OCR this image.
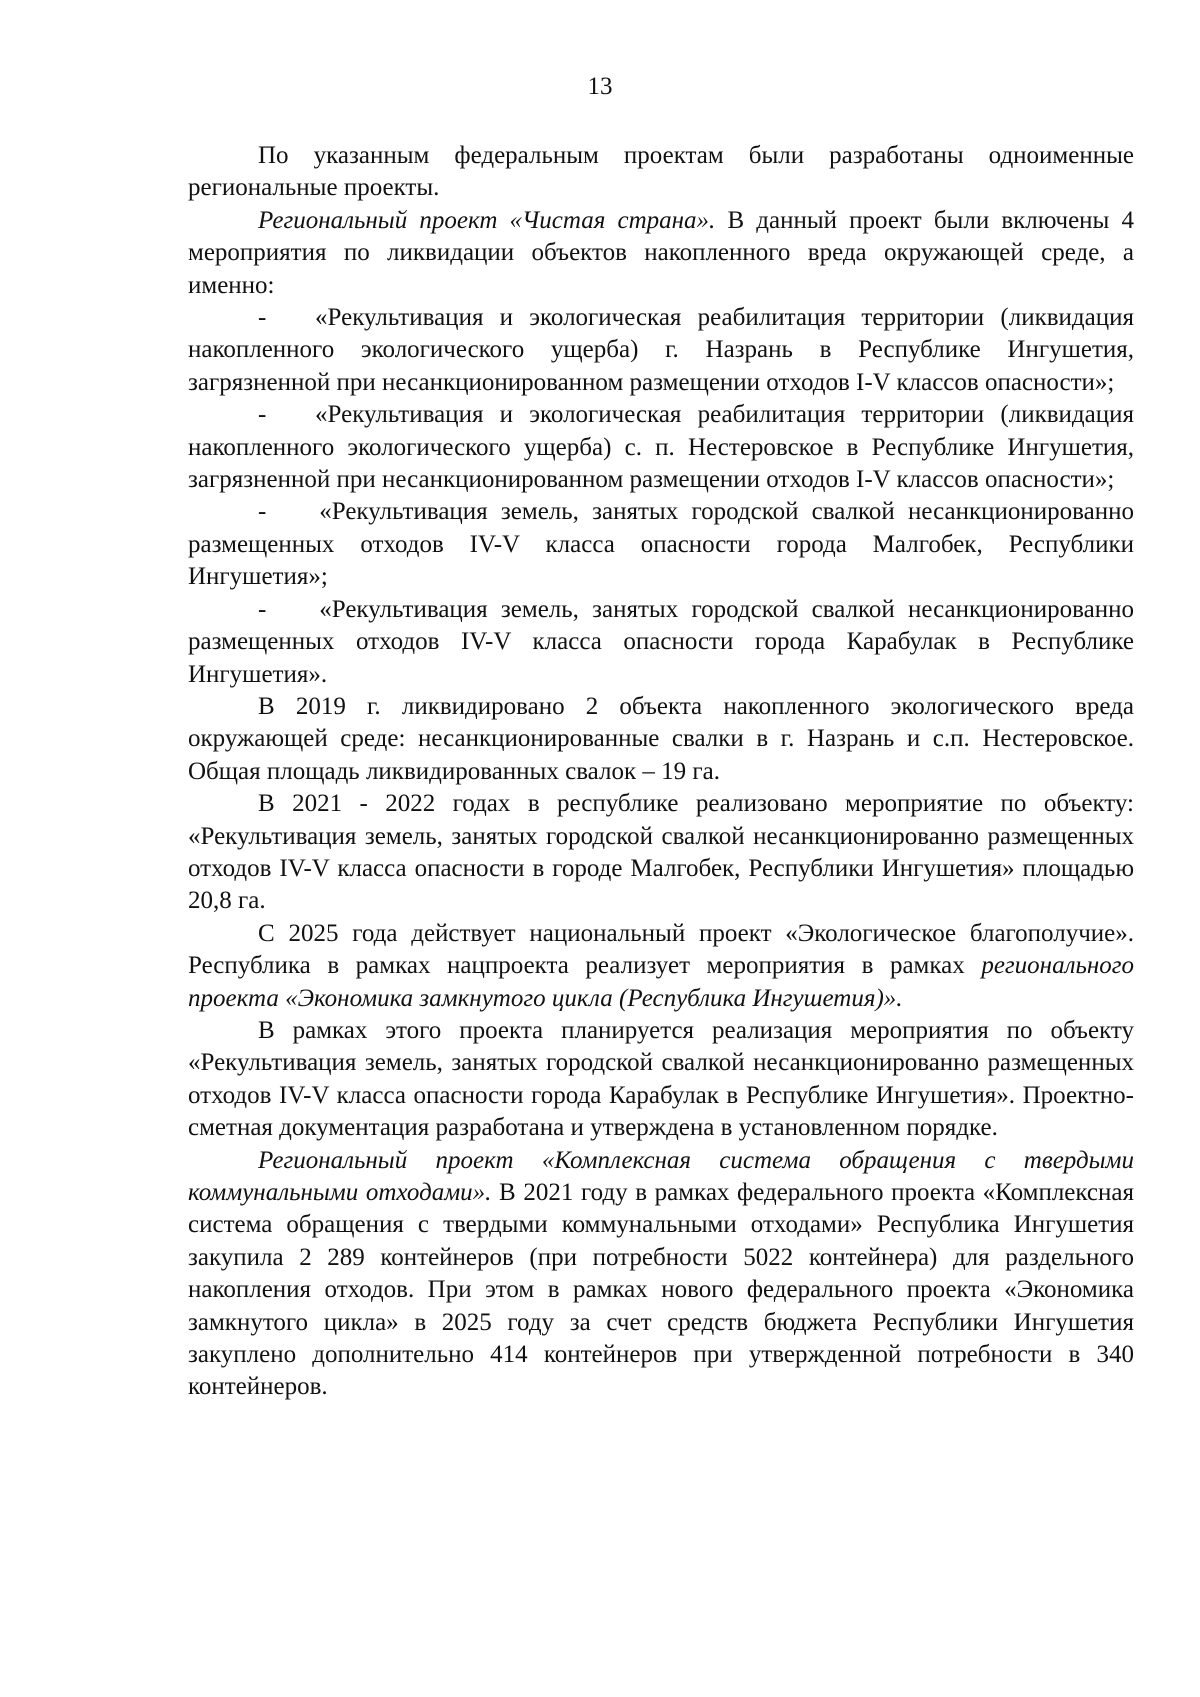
13

По указанным федеральным проектам были разработаны одноименные региональные проекты.

Региональный проект «Чистая страна». В данный проект были включены 4 мероприятия по ликвидации объектов накопленного вреда окружающей среде, а именно:

-   «Рекультивация и экологическая реабилитация территории (ликвидация накопленного экологического ущерба) г. Назрань в Республике Ингушетия, загрязненной при несанкционированном размещении отходов I-V классов опасности»;

-   «Рекультивация и экологическая реабилитация территории (ликвидация накопленного экологического ущерба) с. п. Нестеровское в Республике Ингушетия, загрязненной при несанкционированном размещении отходов I-V классов опасности»;

-    «Рекультивация земель, занятых городской свалкой несанкционированно размещенных отходов IV-V класса опасности города Малгобек, Республики Ингушетия»;

-    «Рекультивация земель, занятых городской свалкой несанкционированно размещенных отходов IV-V класса опасности города Карабулак в Республике Ингушетия».

В 2019 г. ликвидировано 2 объекта накопленного экологического вреда окружающей среде: несанкционированные свалки в г. Назрань и с.п. Нестеровское. Общая площадь ликвидированных свалок – 19 га.

В 2021 - 2022 годах в республике реализовано мероприятие по объекту: «Рекультивация земель, занятых городской свалкой несанкционированно размещенных отходов IV-V класса опасности в городе Малгобек, Республики Ингушетия» площадью 20,8 га.

С 2025 года действует национальный проект «Экологическое благополучие». Республика в рамках нацпроекта реализует мероприятия в рамках регионального проекта «Экономика замкнутого цикла (Республика Ингушетия)».

В рамках этого проекта планируется реализация мероприятия по объекту «Рекультивация земель, занятых городской свалкой несанкционированно размещенных отходов IV-V класса опасности города Карабулак в Республике Ингушетия». Проектно-сметная документация разработана и утверждена в установленном порядке.

Региональный проект «Комплексная система обращения с твердыми коммунальными отходами». В 2021 году в рамках федерального проекта «Комплексная система обращения с твердыми коммунальными отходами» Республика Ингушетия закупила 2 289 контейнеров (при потребности 5022 контейнера) для раздельного накопления отходов. При этом в рамках нового федерального проекта «Экономика замкнутого цикла» в 2025 году за счет средств бюджета Республики Ингушетия закуплено дополнительно 414 контейнеров при утвержденной потребности в 340 контейнеров.
